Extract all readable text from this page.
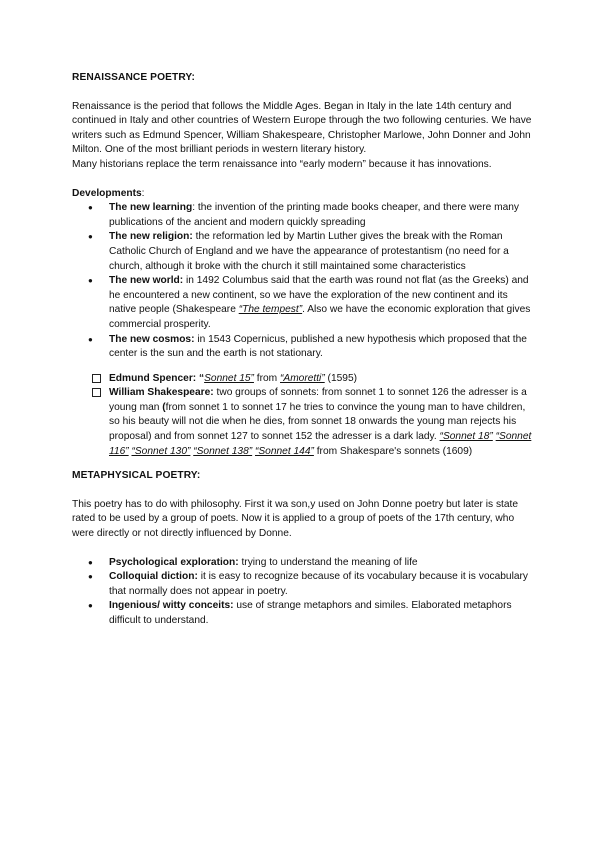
RENAISSANCE POETRY:

Renaissance is the period that follows the Middle Ages. Began in Italy in the late 14th century and continued in Italy and other countries of Western Europe through the two following centuries. We have writers such as Edmund Spencer, William Shakespeare, Christopher Marlowe, John Donner and John Milton. One of the most brilliant periods in western literary history.

Many historians replace the term renaissance into “early modern” because it has innovations.

Developments:

● The new learning: the invention of the printing made books cheaper, and there were many publications of the ancient and modern quickly spreading
● The new religion: the reformation led by Martin Luther gives the break with the Roman Catholic Church of England and we have the appearance of protestantism (no need for a church, although it broke with the church it still maintained some characteristics
● The new world: in 1492 Columbus said that the earth was round not flat (as the Greeks) and he encountered a new continent, so we have the exploration of the new continent and its native people (Shakespeare “The tempest”. Also we have the economic exploration that gives commercial prosperity.
● The new cosmos: in 1543 Copernicus, published a new hypothesis which proposed that the center is the sun and the earth is not stationary.
Edmund Spencer: “Sonnet 15” from “Amoretti” (1595)
William Shakespeare: two groups of sonnets: from sonnet 1 to sonnet 126 the adresser is a young man (from sonnet 1 to sonnet 17 he tries to convince the young man to have children, so his beauty will not die when he dies, from sonnet 18 onwards the young man rejects his proposal) and from sonnet 127 to sonnet 152 the adresser is a dark lady. “Sonnet 18” “Sonnet 116” “Sonnet 130” “Sonnet 138” “Sonnet 144” from Shakespare's sonnets (1609)

METAPHYSICAL POETRY:

This poetry has to do with philosophy. First it wa son,y used on John Donne poetry but later is state rated to be used by a group of poets. Now it is applied to a group of poets of the 17th century, who were directly or not directly influenced by Donne.

● Psychological exploration: trying to understand the meaning of life
● Colloquial diction: it is easy to recognize because of its vocabulary because it is vocabulary that normally does not appear in poetry.
● Ingenious/ witty conceits: use of strange metaphors and similes. Elaborated metaphors difficult to understand.
